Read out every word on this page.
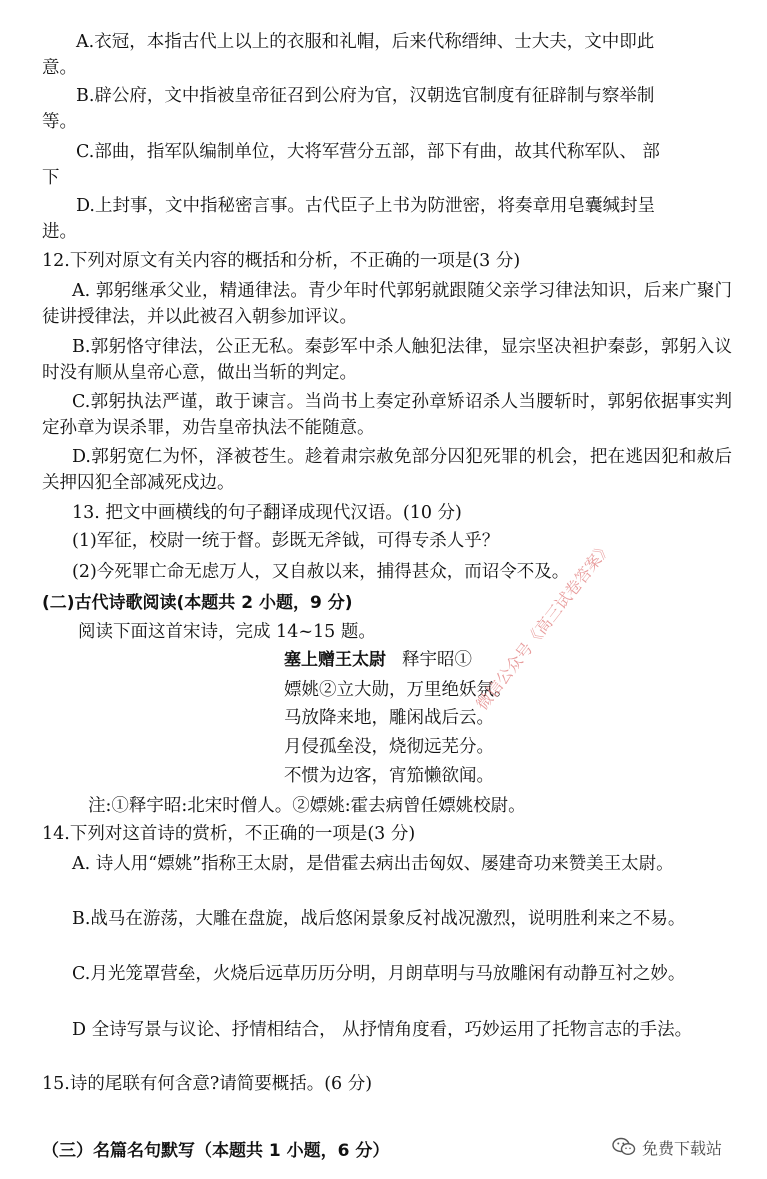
A.衣冠，本指古代上以上的衣服和礼帽，后来代称缙绅、士大夫，文中即此

意。

B.辟公府，文中指被皇帝征召到公府为官，汉朝选官制度有征辟制与察举制

等。

C.部曲，指军队编制单位，大将军营分五部，部下有曲，故其代称军队、 部

下

D.上封事，文中指秘密言事。古代臣子上书为防泄密，将奏章用皂囊缄封呈

进。

12.下列对原文有关内容的概括和分析，不正确的一项是(3 分)

A. 郭躬继承父业，精通律法。青少年时代郭躬就跟随父亲学习律法知识，后来广聚门徒讲授律法，并以此被召入朝参加评议。

B.郭躬恪守律法，公正无私。秦彭军中杀人触犯法律，显宗坚决袒护秦彭，郭躬入议时没有顺从皇帝心意，做出当斩的判定。

C.郭躬执法严谨，敢于谏言。当尚书上奏定孙章矫诏杀人当腰斩时，郭躬依据事实判定孙章为误杀罪，劝告皇帝执法不能随意。

D.郭躬宽仁为怀，泽被苍生。趁着肃宗赦免部分囚犯死罪的机会，把在逃因犯和赦后关押囚犯全部减死戍边。

13. 把文中画横线的句子翻译成现代汉语。(10 分)

(1)军征，校尉一统于督。彭既无斧钺，可得专杀人乎？

(2)今死罪亡命无虑万人，又自赦以来，捕得甚众，而诏令不及。

(二)古代诗歌阅读(本题共 2 小题，9 分)

阅读下面这首宋诗，完成 14~15 题。

塞上赠王太尉 释宇昭①
嫖姚②立大勋，万里绝妖氛。
马放降来地，雕闲战后云。
月侵孤垒没，烧彻远芜分。
不惯为边客，宵笳懒欲闻。

注:①释宇昭:北宋时僧人。②嫖姚:霍去病曾任嫖姚校尉。

14.下列对这首诗的赏析，不正确的一项是(3 分)

A. 诗人用“嫖姚”指称王太尉，是借霍去病出击匈奴、屡建奇功来赞美王太尉。

B.战马在游荡，大雕在盘旋，战后悠闲景象反衬战况激烈，说明胜利来之不易。

C.月光笼罩营垒，火烧后远草历历分明，月朗草明与马放雕闲有动静互衬之妙。

D 全诗写景与议论、抒情相结合， 从抒情角度看，巧妙运用了托物言志的手法。

15.诗的尾联有何含意?请简要概括。(6 分)

（三）名篇名句默写（本题共 1 小题，6 分）

微信公众号《高三试卷答案》
免费下载站
